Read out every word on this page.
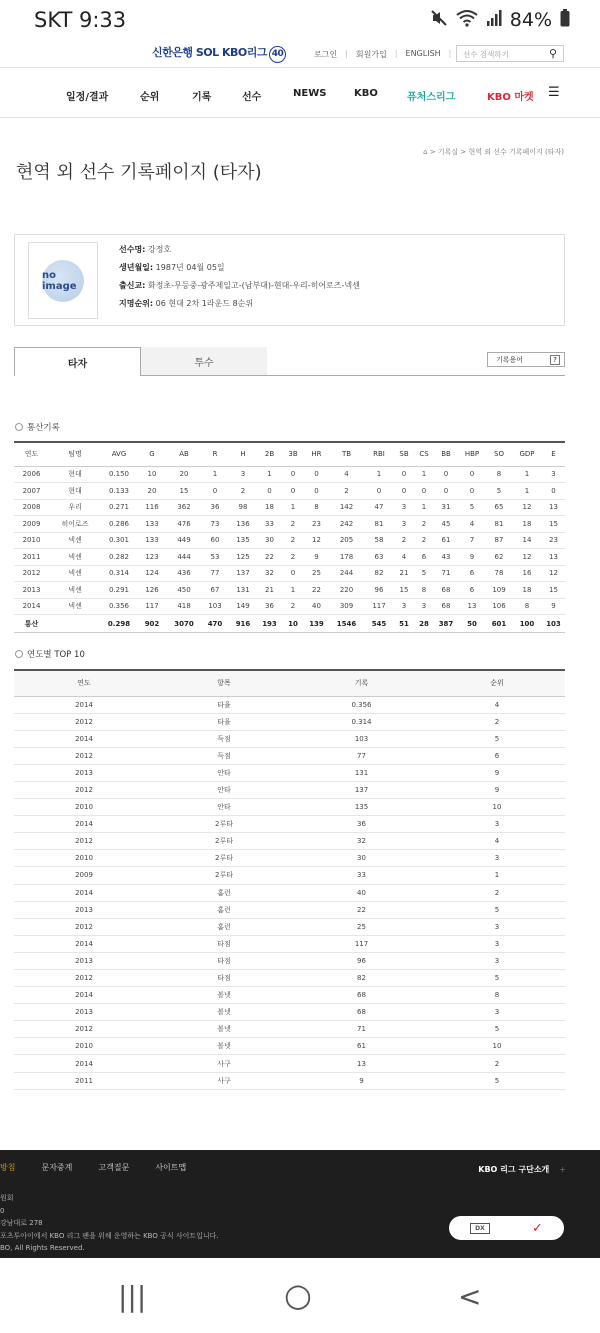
SKT 9:33	84%
신한은행 SOL KBO리그 40	로그인 | 회원가입 | ENGLISH |	선수 검색하기	⚲
일정/결과	순위	기록	선수	NEWS	KBO	퓨처스리그	KBO 마켓 ☰
⌂ > 기록실 > 현역 외 선수 기록페이지 (타자)
현역 외 선수 기록페이지 (타자)
no image
선수명: 강정호
생년월일: 1987년 04월 05일
출신교: 화정초-무등중-광주제일고-(남부대)-현대-우리-히어로즈-넥센
지명순위: 06 현대 2차 1라운드 8순위
타자	투수	기록용어	?
통산기록
연도	팀명	AVG	G	AB	R	H	2B	3B	HR	TB	RBI	SB	CS	BB	HBP	SO	GDP	E
2006	현대	0.150	10	20	1	3	1	0	0	4	1	0	1	0	0	8	1	3
2007	현대	0.133	20	15	0	2	0	0	0	2	0	0	0	0	0	5	1	0
2008	우리	0.271	116	362	36	98	18	1	8	142	47	3	1	31	5	65	12	13
2009	히어로즈	0.286	133	476	73	136	33	2	23	242	81	3	2	45	4	81	18	15
2010	넥센	0.301	133	449	60	135	30	2	12	205	58	2	2	61	7	87	14	23
2011	넥센	0.282	123	444	53	125	22	2	9	178	63	4	6	43	9	62	12	13
2012	넥센	0.314	124	436	77	137	32	0	25	244	82	21	5	71	6	78	16	12
2013	넥센	0.291	126	450	67	131	21	1	22	220	96	15	8	68	6	109	18	15
2014	넥센	0.356	117	418	103	149	36	2	40	309	117	3	3	68	13	106	8	9
통산		0.298	902	3070	470	916	193	10	139	1546	545	51	28	387	50	601	100	103
연도별 TOP 10
연도	항목	기록	순위
2014	타율	0.356	4
2012	타율	0.314	2
2014	득점	103	5
2012	득점	77	6
2013	안타	131	9
2012	안타	137	9
2010	안타	135	10
2014	2루타	36	3
2012	2루타	32	4
2010	2루타	30	3
2009	2루타	33	1
2014	홈런	40	2
2013	홈런	22	5
2012	홈런	25	3
2014	타점	117	3
2013	타점	96	3
2012	타점	82	5
2014	볼넷	68	8
2013	볼넷	68	3
2012	볼넷	71	5
2010	볼넷	61	10
2014	사구	13	2
2011	사구	9	5
방침	문자중계	고객질문	사이트맵	KBO 리그 구단소개 +
원회
0
강남대로 278
포츠투아이에서 KBO 리그 팬을 위해 운영하는 KBO 공식 사이트입니다.
BO, All Rights Reserved.
DX	✓
|||	○	<
